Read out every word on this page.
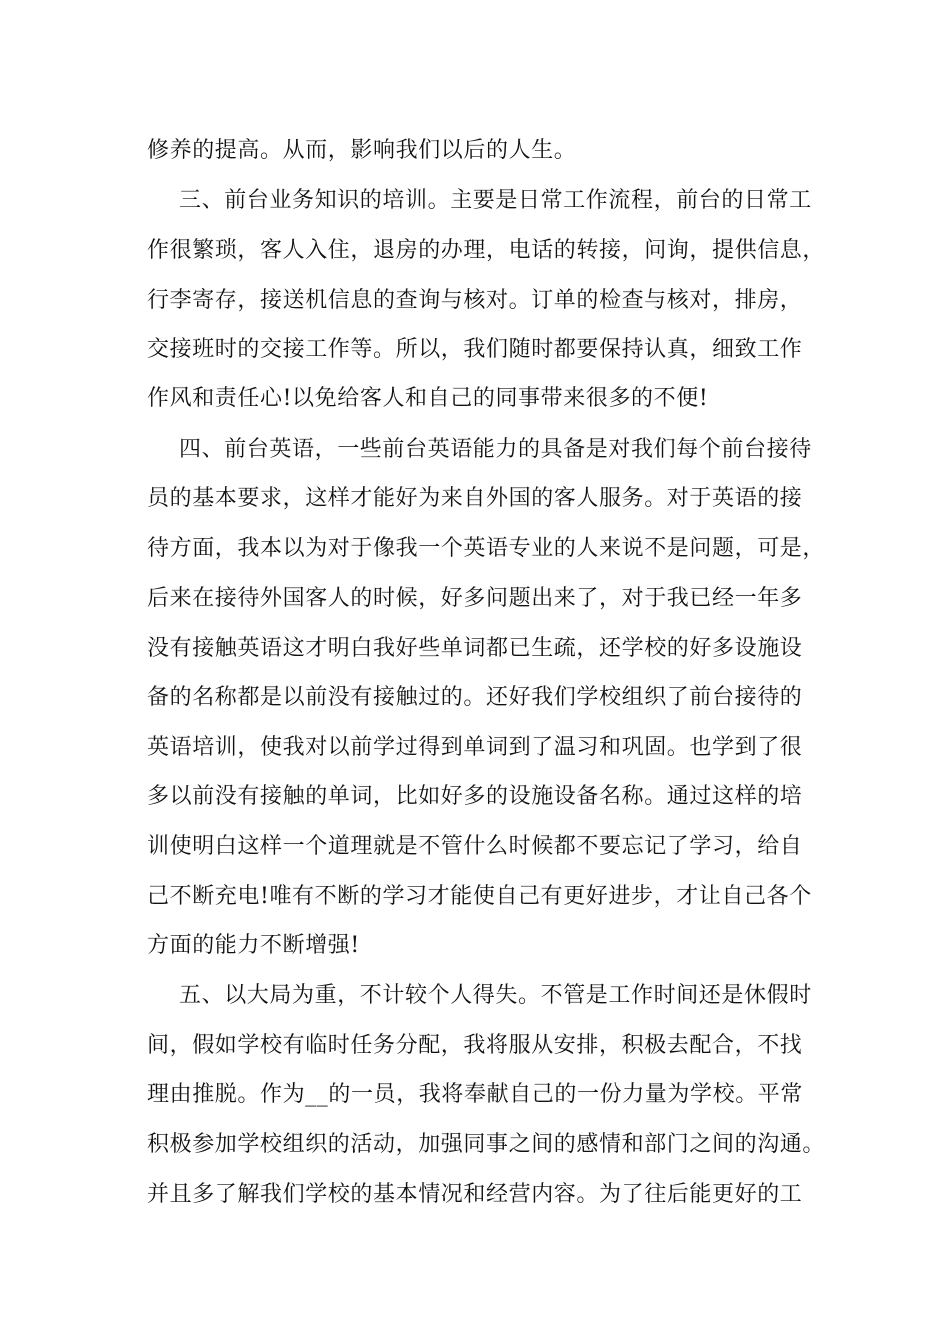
修养的提高。从而，影响我们以后的人生。
三、前台业务知识的培训。主要是日常工作流程，前台的日常工
作很繁琐，客人入住，退房的办理，电话的转接，问询，提供信息，
行李寄存，接送机信息的查询与核对。订单的检查与核对，排房，
交接班时的交接工作等。所以，我们随时都要保持认真，细致工作
作风和责任心!以免给客人和自己的同事带来很多的不便!
四、前台英语，一些前台英语能力的具备是对我们每个前台接待
员的基本要求，这样才能好为来自外国的客人服务。对于英语的接
待方面，我本以为对于像我一个英语专业的人来说不是问题，可是，
后来在接待外国客人的时候，好多问题出来了，对于我已经一年多
没有接触英语这才明白我好些单词都已生疏，还学校的好多设施设
备的名称都是以前没有接触过的。还好我们学校组织了前台接待的
英语培训，使我对以前学过得到单词到了温习和巩固。也学到了很
多以前没有接触的单词，比如好多的设施设备名称。通过这样的培
训使明白这样一个道理就是不管什么时候都不要忘记了学习，给自
己不断充电!唯有不断的学习才能使自己有更好进步，才让自己各个
方面的能力不断增强!
五、以大局为重，不计较个人得失。不管是工作时间还是休假时
间，假如学校有临时任务分配，我将服从安排，积极去配合，不找
理由推脱。作为__的一员，我将奉献自己的一份力量为学校。平常
积极参加学校组织的活动，加强同事之间的感情和部门之间的沟通。
并且多了解我们学校的基本情况和经营内容。为了往后能更好的工
